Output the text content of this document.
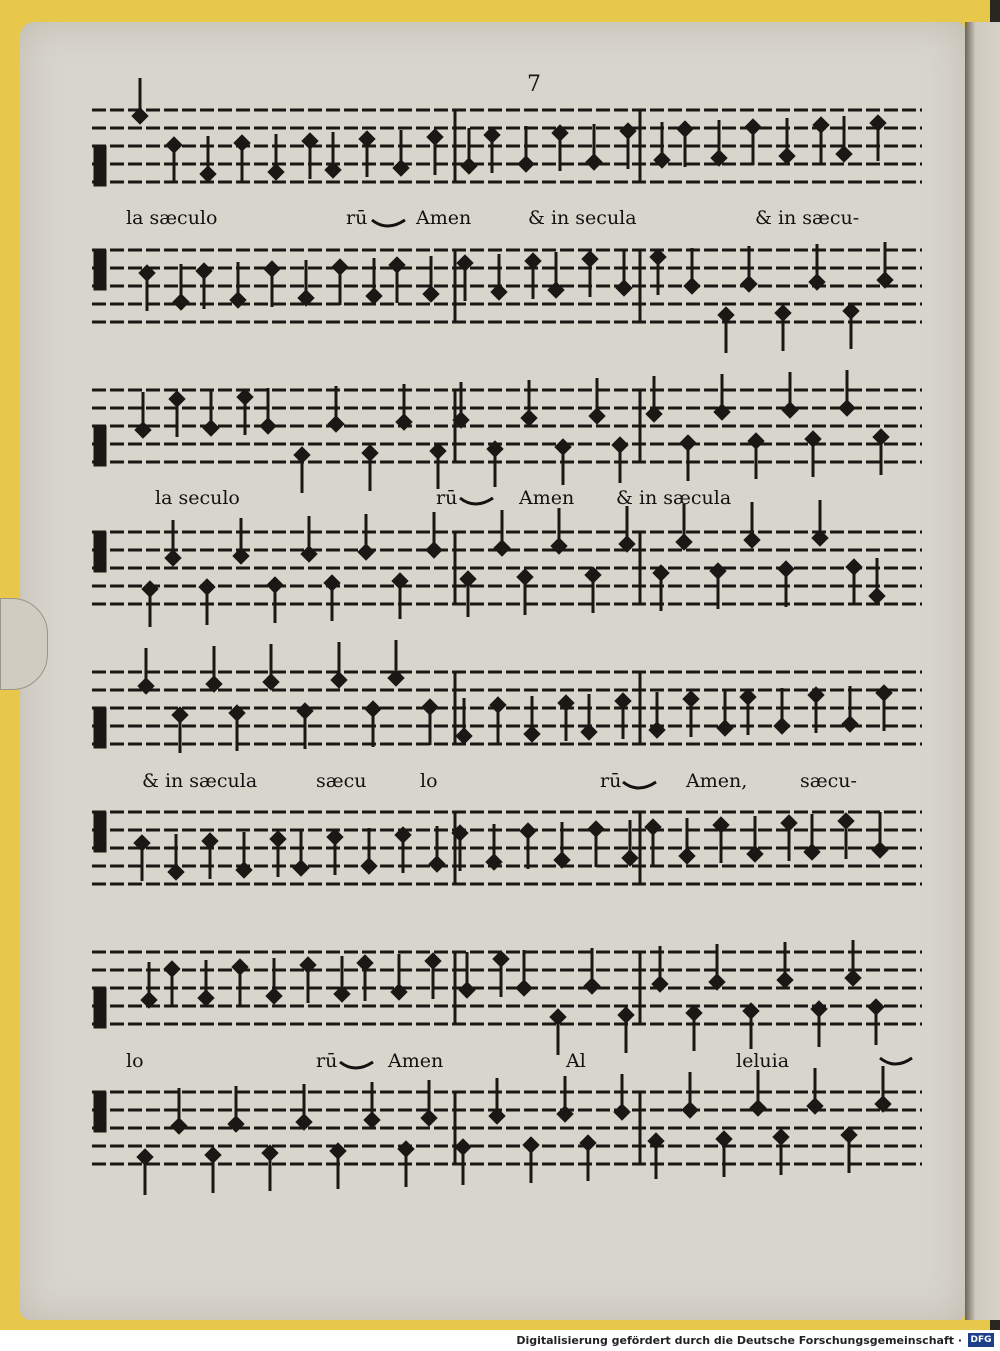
7
la sæculo	rū	Amen	& in secula	& in sæcu-
la seculo	rū	Amen & in sæcula
& in sæcula	sæcu	lo	rū	Amen,	sæcu-
lo	rū	Amen	Al	leluia
Digitalisierung gefördert durch die Deutsche Forschungsgemeinschaft · DFG
